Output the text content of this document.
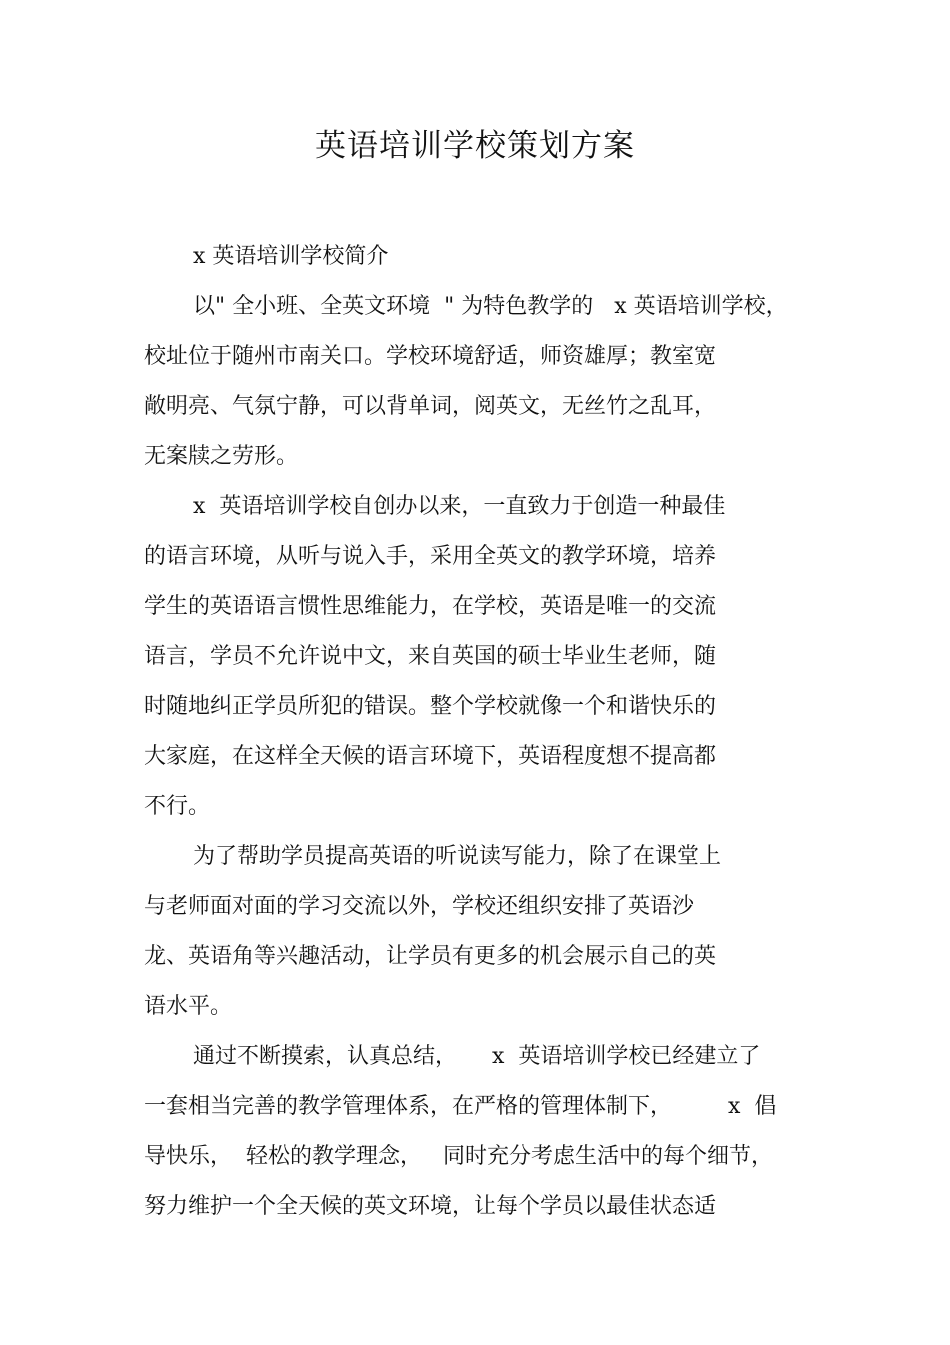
英语培训学校策划方案
x 英语培训学校简介
以" 全小班、全英文环境  " 为特色教学的   x 英语培训学校，
校址位于随州市南关口。学校环境舒适，师资雄厚；教室宽
敞明亮、气氛宁静，可以背单词，阅英文，无丝竹之乱耳，
无案牍之劳形。
x  英语培训学校自创办以来，一直致力于创造一种最佳
的语言环境，从听与说入手，采用全英文的教学环境，培养
学生的英语语言惯性思维能力，在学校，英语是唯一的交流
语言，学员不允许说中文，来自英国的硕士毕业生老师，随
时随地纠正学员所犯的错误。整个学校就像一个和谐快乐的
大家庭，在这样全天候的语言环境下，英语程度想不提高都
不行。
为了帮助学员提高英语的听说读写能力，除了在课堂上
与老师面对面的学习交流以外，学校还组织安排了英语沙
龙、英语角等兴趣活动，让学员有更多的机会展示自己的英
语水平。
通过不断摸索，认真总结，     x  英语培训学校已经建立了
一套相当完善的教学管理体系，在严格的管理体制下，        x  倡
导快乐，  轻松的教学理念，   同时充分考虑生活中的每个细节，
努力维护一个全天候的英文环境，让每个学员以最佳状态适
